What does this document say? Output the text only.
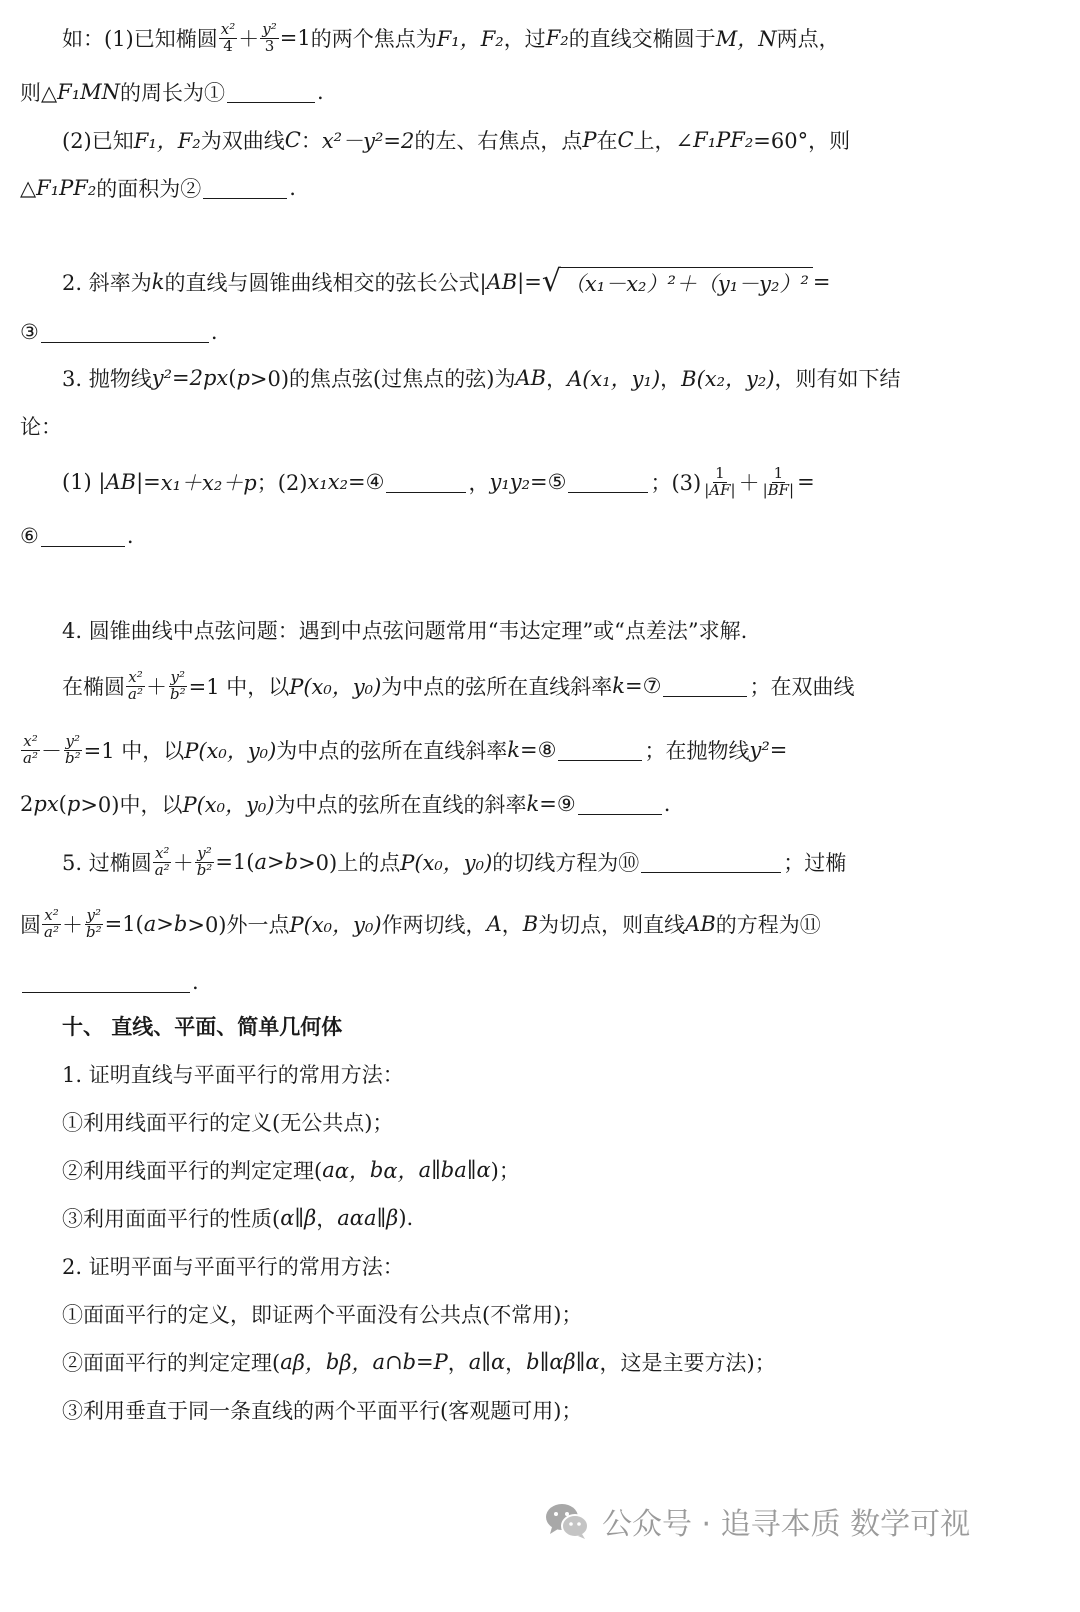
如：(1)已知椭圆 $\frac{\text{x²}}{4} + \frac{\text{y²}}{3} =1$ 的两个焦点为 F₁，F₂ ，过 F₂ 的直线交椭圆于 M，N 两点，
则△ F₁MN 的周长为①	.
(2)已知 F₁，F₂ 为双曲线 C ： x²－y²=2 的左、右焦点，点 P 在 C 上，∠ F₁PF₂ =60°，则
△ F₁PF₂ 的面积为②	.
2. 斜率为 k 的直线与圆锥曲线相交的弦长公式| AB |= √ （x₁－x₂）²＋（y₁－y₂）² =
③	.
3. 抛物线 y²=2px ( p >0)的焦点弦(过焦点的弦)为 AB ， A(x₁，y₁) ， B(x₂，y₂) ，则有如下结
论：
(1) | AB |= x₁＋x₂＋p ；(2) x₁x₂ =④	， y₁y₂ =⑤	；$(3) \frac{1}{|AF|} + \frac{1}{|BF|}$ =
⑥	.
4. 圆锥曲线中点弦问题：遇到中点弦问题常用“韦达定理”或“点差法”求解.
在椭圆 $\frac{\text{x²}}{\text{a²}} + \frac{\text{y²}}{\text{b²}} =1$ 中，以 P(x₀，y₀) 为中点的弦所在直线斜率 k =⑦	；在双曲线
$\frac{\text{x²}}{\text{a²}} - \frac{\text{y²}}{\text{b²}} =1$ 中，以 P(x₀，y₀) 为中点的弦所在直线斜率 k =⑧	；在抛物线 y² =
2 px ( p >0)中，以 P(x₀，y₀) 为中点的弦所在直线的斜率 k =⑨	.
5. 过椭圆 $\frac{\text{x²}}{\text{a²}} + \frac{\text{y²}}{\text{b²}} =1$( a > b >0)上的点 P(x₀，y₀) 的切线方程为⑩	；过椭
圆 $\frac{\text{x²}}{\text{a²}} + \frac{\text{y²}}{\text{b²}} =1$( a > b >0)外一点 P(x₀，y₀) 作两切线， A ， B 为切点，则直线 AB 的方程为⑪
.
十、 直线、平面、简单几何体
1. 证明直线与平面平行的常用方法：
①利用线面平行的定义(无公共点)；
②利用线面平行的判定定理( a α， b α， a∥b a∥α )；
③利用面面平行的性质( α∥β ， a α a∥β ).
2. 证明平面与平面平行的常用方法：
①面面平行的定义，即证两个平面没有公共点(不常用)；
②面面平行的判定定理( a β， b β， a∩b=P ， a∥α ， b∥α β∥α ，这是主要方法)；
③利用垂直于同一条直线的两个平面平行(客观题可用)；
公众号 · 追寻本质 数学可视
